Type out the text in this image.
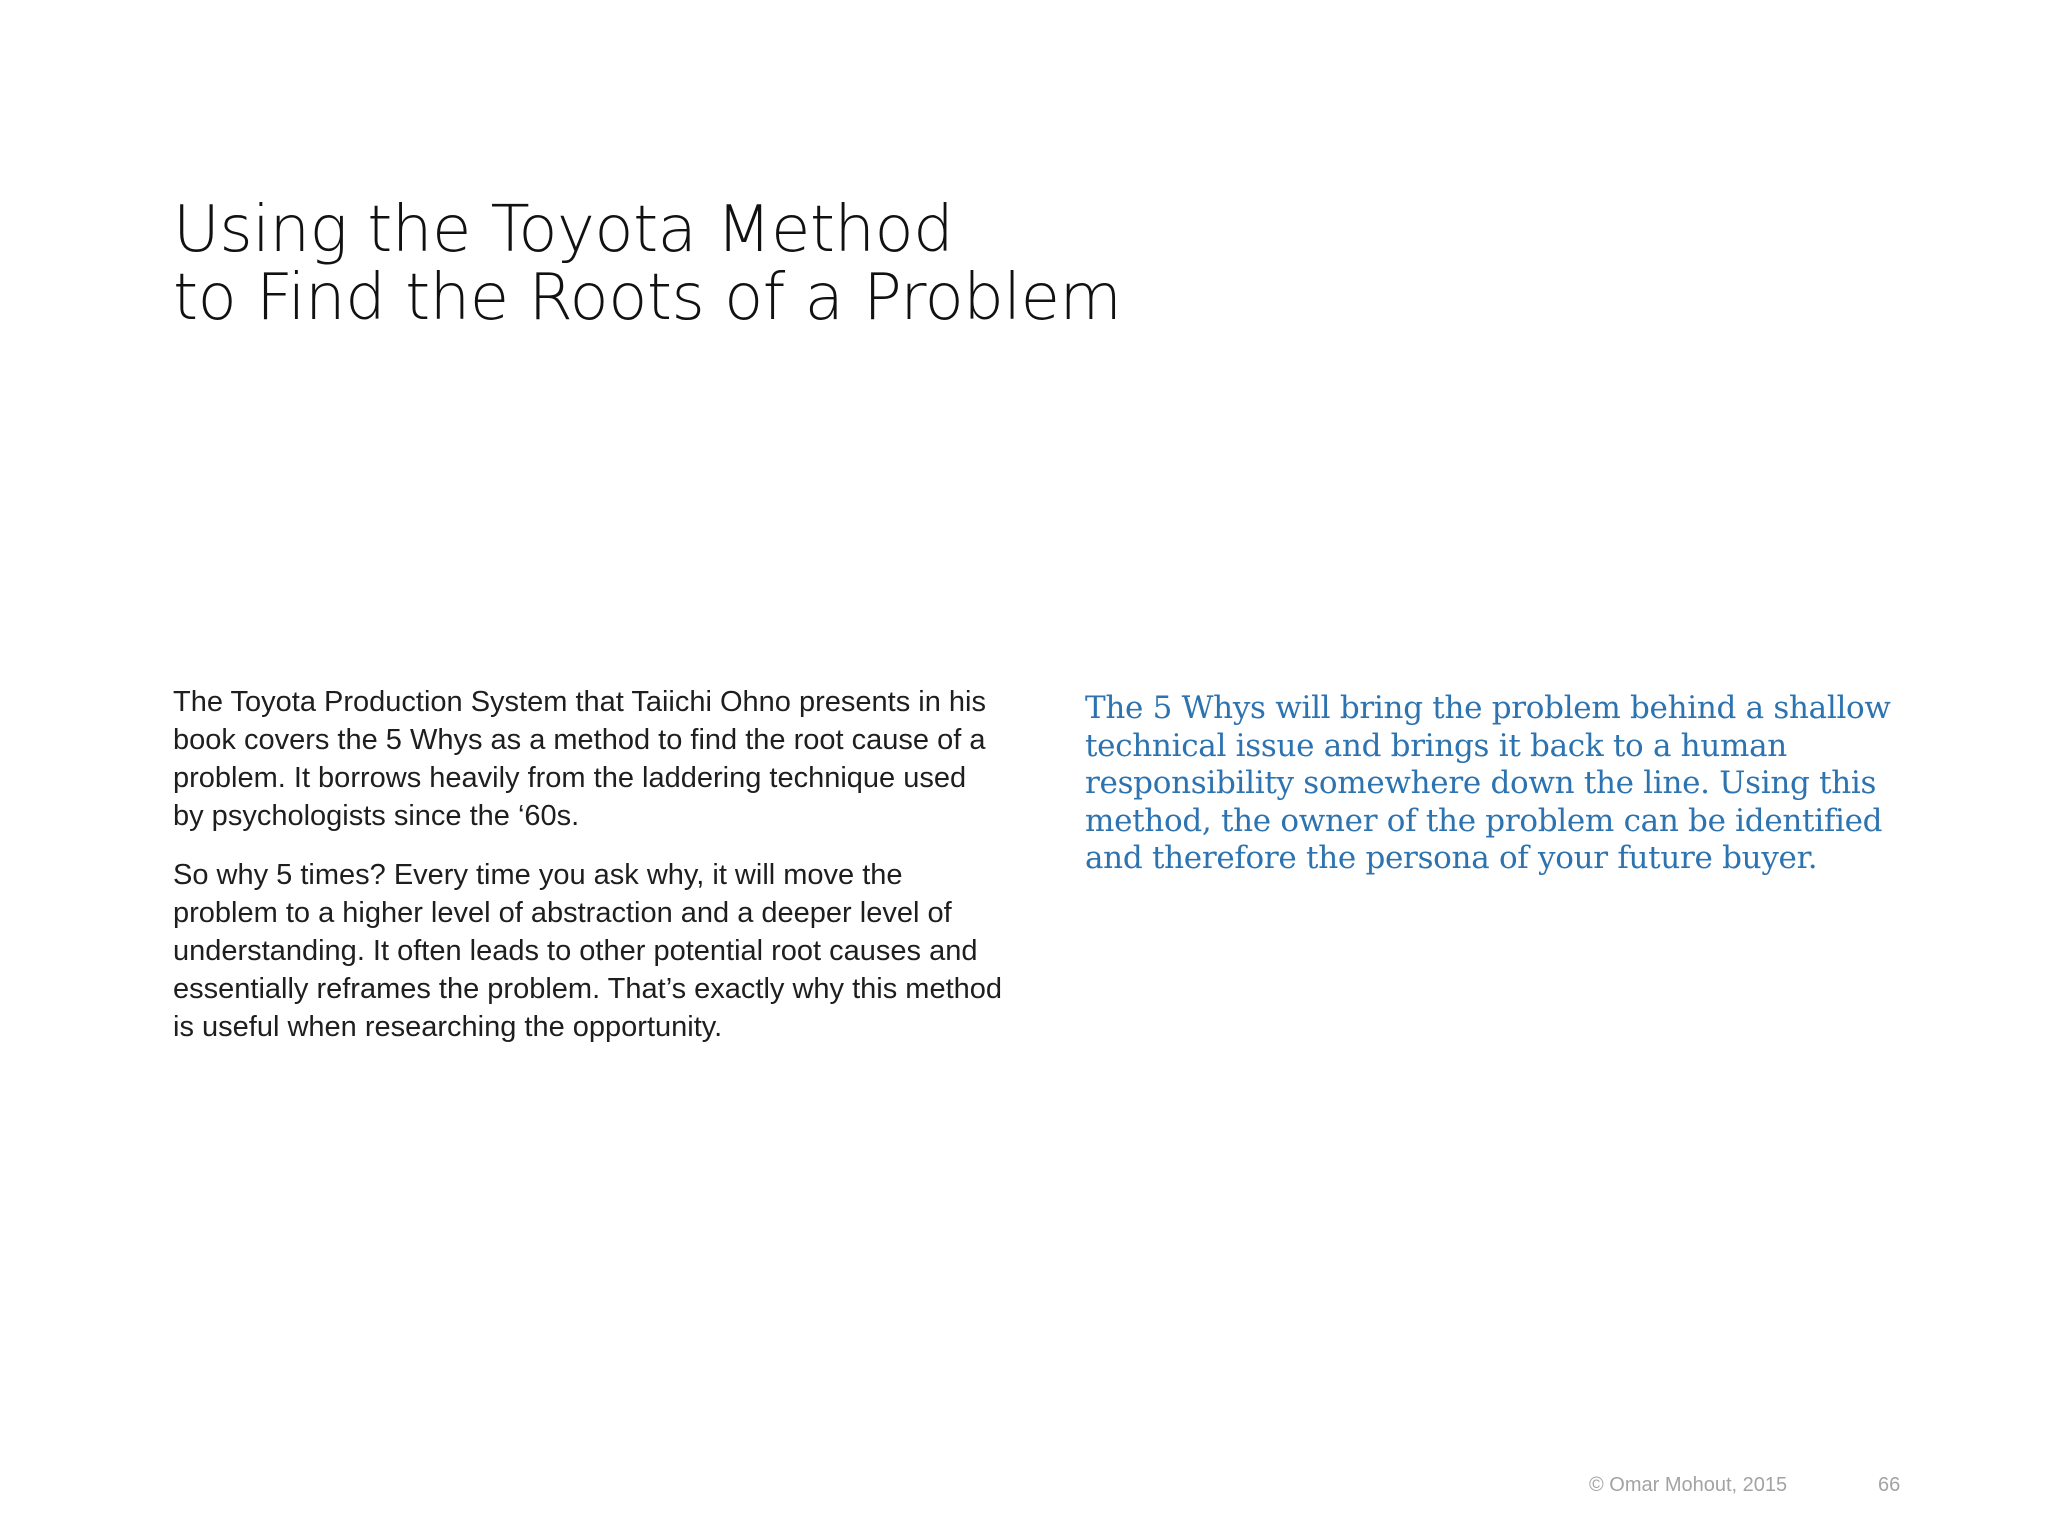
Using the Toyota Method
to Find the Roots of a Problem

The Toyota Production System that Taiichi Ohno presents in his book covers the 5 Whys as a method to find the root cause of a problem. It borrows heavily from the laddering technique used by psychologists since the ‘60s.

So why 5 times? Every time you ask why, it will move the problem to a higher level of abstraction and a deeper level of understanding. It often leads to other potential root causes and essentially reframes the problem. That’s exactly why this method is useful when researching the opportunity.

The 5 Whys will bring the problem behind a shallow technical issue and brings it back to a human responsibility somewhere down the line. Using this method, the owner of the problem can be identified and therefore the persona of your future buyer.

© Omar Mohout, 2015	66
